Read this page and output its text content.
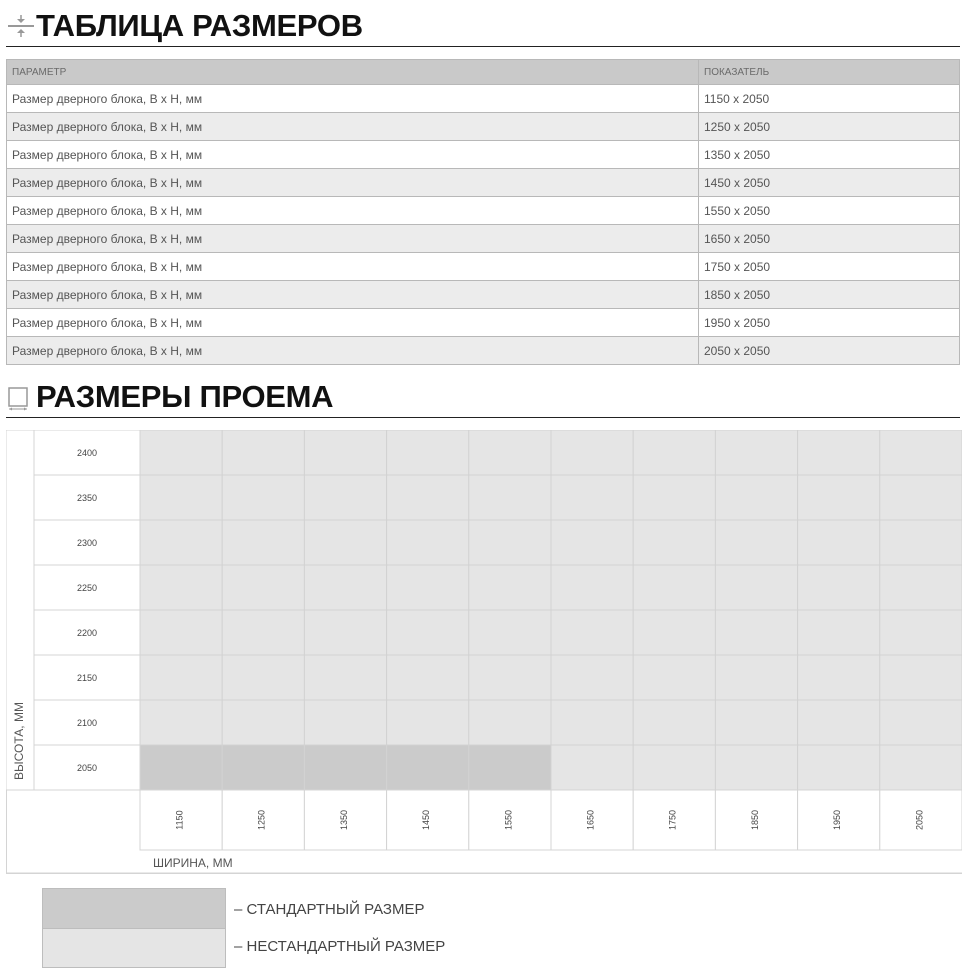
ТАБЛИЦА РАЗМЕРОВ
ПАРАМЕТР	ПОКАЗАТЕЛЬ
Размер дверного блока, В х Н, мм	1150 x 2050
Размер дверного блока, В х Н, мм	1250 x 2050
Размер дверного блока, В х Н, мм	1350 x 2050
Размер дверного блока, В х Н, мм	1450 x 2050
Размер дверного блока, В х Н, мм	1550 x 2050
Размер дверного блока, В х Н, мм	1650 x 2050
Размер дверного блока, В х Н, мм	1750 x 2050
Размер дверного блока, В х Н, мм	1850 x 2050
Размер дверного блока, В х Н, мм	1950 x 2050
Размер дверного блока, В х Н, мм	2050 x 2050
РАЗМЕРЫ ПРОЕМА
2400
2350
2300
2250
2200
2150
2100
2050
ВЫСОТА, ММ
1150	1250	1350	1450	1550	1650	1750	1850	1950	2050
ШИРИНА, ММ
– СТАНДАРТНЫЙ РАЗМЕР
– НЕСТАНДАРТНЫЙ РАЗМЕР
